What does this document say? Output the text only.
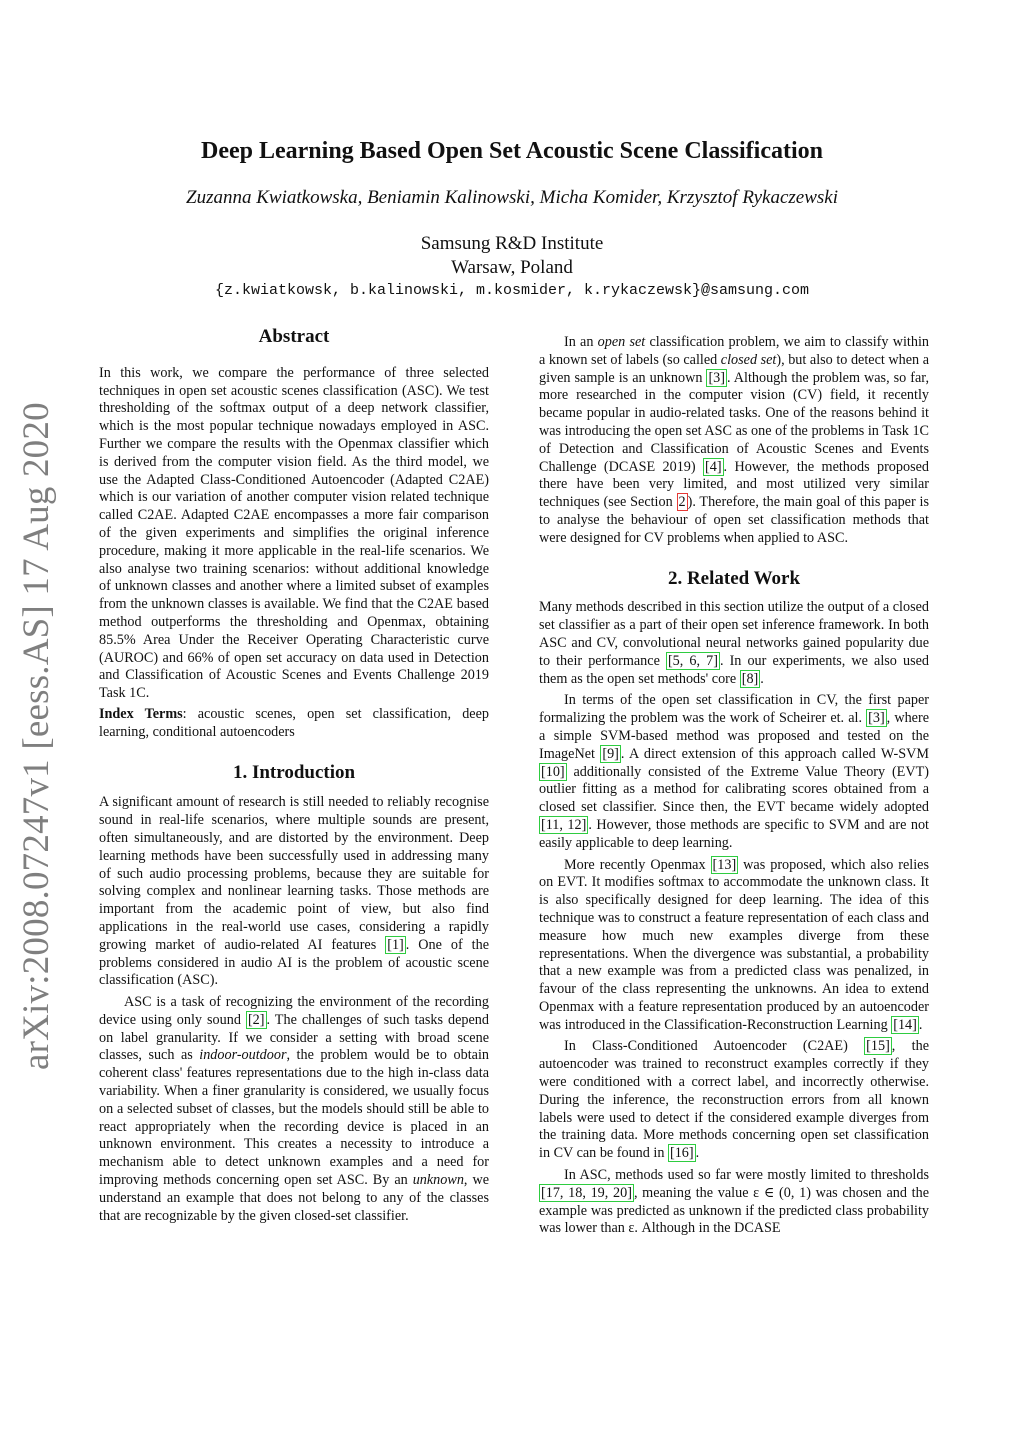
arXiv:2008.07247v1 [eess.AS] 17 Aug 2020
Deep Learning Based Open Set Acoustic Scene Classification
Zuzanna Kwiatkowska, Beniamin Kalinowski, Micha Komider, Krzysztof Rykaczewski
Samsung R&D Institute
Warsaw, Poland
{z.kwiatkowsk, b.kalinowski, m.kosmider, k.rykaczewsk}@samsung.com
Abstract

In this work, we compare the performance of three selected techniques in open set acoustic scenes classification (ASC). We test thresholding of the softmax output of a deep network classifier, which is the most popular technique nowadays employed in ASC. Further we compare the results with the Openmax classifier which is derived from the computer vision field. As the third model, we use the Adapted Class-Conditioned Autoencoder (Adapted C2AE) which is our variation of another computer vision related technique called C2AE. Adapted C2AE encompasses a more fair comparison of the given experiments and simplifies the original inference procedure, making it more applicable in the real-life scenarios. We also analyse two training scenarios: without additional knowledge of unknown classes and another where a limited subset of examples from the unknown classes is available. We find that the C2AE based method outperforms the thresholding and Openmax, obtaining 85.5% Area Under the Receiver Operating Characteristic curve (AUROC) and 66% of open set accuracy on data used in Detection and Classification of Acoustic Scenes and Events Challenge 2019 Task 1C.

Index Terms: acoustic scenes, open set classification, deep learning, conditional autoencoders

1. Introduction

A significant amount of research is still needed to reliably recognise sound in real-life scenarios, where multiple sounds are present, often simultaneously, and are distorted by the environment. Deep learning methods have been successfully used in addressing many of such audio processing problems, because they are suitable for solving complex and nonlinear learning tasks. Those methods are important from the academic point of view, but also find applications in the real-world use cases, considering a rapidly growing market of audio-related AI features [1] . One of the problems considered in audio AI is the problem of acoustic scene classification (ASC).

ASC is a task of recognizing the environment of the recording device using only sound [2] . The challenges of such tasks depend on label granularity. If we consider a setting with broad scene classes, such as indoor-outdoor, the problem would be to obtain coherent class' features representations due to the high in-class data variability. When a finer granularity is considered, we usually focus on a selected subset of classes, but the models should still be able to react appropriately when the recording device is placed in an unknown environment. This creates a necessity to introduce a mechanism able to detect unknown examples and a need for improving methods concerning open set ASC. By an unknown, we understand an example that does not belong to any of the classes that are recognizable by the given closed-set classifier.

In an open set classification problem, we aim to classify within a known set of labels (so called closed set), but also to detect when a given sample is an unknown [3] . Although the problem was, so far, more researched in the computer vision (CV) field, it recently became popular in audio-related tasks. One of the reasons behind it was introducing the open set ASC as one of the problems in Task 1C of Detection and Classification of Acoustic Scenes and Events Challenge (DCASE 2019) [4] . However, the methods proposed there have been very limited, and most utilized very similar techniques (see Section 2 ). Therefore, the main goal of this paper is to analyse the behaviour of open set classification methods that were designed for CV problems when applied to ASC.

2. Related Work

Many methods described in this section utilize the output of a closed set classifier as a part of their open set inference framework. In both ASC and CV, convolutional neural networks gained popularity due to their performance [5, 6, 7] . In our experiments, we also used them as the open set methods' core [8] .

In terms of the open set classification in CV, the first paper formalizing the problem was the work of Scheirer et. al. [3] , where a simple SVM-based method was proposed and tested on the ImageNet [9] . A direct extension of this approach called W-SVM [10] additionally consisted of the Extreme Value Theory (EVT) outlier fitting as a method for calibrating scores obtained from a closed set classifier. Since then, the EVT became widely adopted [11, 12] . However, those methods are specific to SVM and are not easily applicable to deep learning.

More recently Openmax [13] was proposed, which also relies on EVT. It modifies softmax to accommodate the unknown class. It is also specifically designed for deep learning. The idea of this technique was to construct a feature representation of each class and measure how much new examples diverge from these representations. When the divergence was substantial, a probability that a new example was from a predicted class was penalized, in favour of the class representing the unknowns. An idea to extend Openmax with a feature representation produced by an autoencoder was introduced in the Classification-Reconstruction Learning [14] .

In Class-Conditioned Autoencoder (C2AE) [15] , the autoencoder was trained to reconstruct examples correctly if they were conditioned with a correct label, and incorrectly otherwise. During the inference, the reconstruction errors from all known labels were used to detect if the considered example diverges from the training data. More methods concerning open set classification in CV can be found in [16] .

In ASC, methods used so far were mostly limited to thresholds [17, 18, 19, 20] , meaning the value ε ∈ (0, 1) was chosen and the example was predicted as unknown if the predicted class probability was lower than ε. Although in the DCASE
